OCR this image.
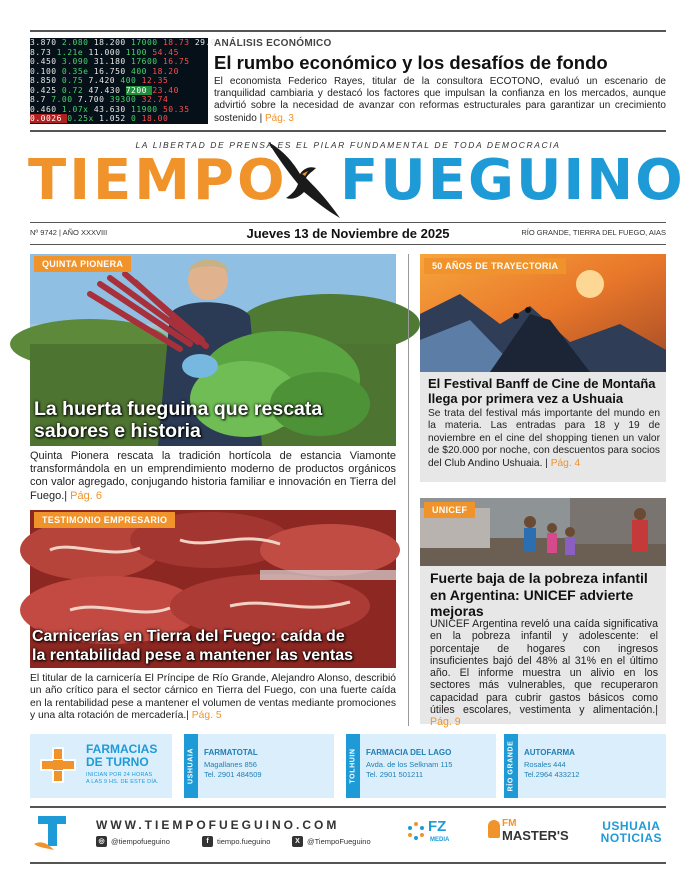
3.870 2.080 18.200 17000 18.73 29.0
8.73 1.21e 11.000 1100 54.45
0.450 3.090 31.180 17600 16.75
0.100 0.35e 16.750 400 18.20
8.850 0.75 7.420 400 12.35
0.425 0.72 47.430 7200 23.40
8.7 7.00 7.700 39300 32.74
0.460 1.07x 43.630 11900 50.35
0.0026 0.25x 1.052 0 18.00
ANÁLISIS ECONÓMICO
El rumbo económico y los desafíos de fondo
El economista Federico Rayes, titular de la consultora ECOTONO, evaluó un escenario de tranquilidad cambiaria y destacó los factores que impulsan la confianza en los mercados, aunque advirtió sobre la necesidad de avanzar con reformas estructurales para garantizar un crecimiento sostenido | Pág. 3
LA LIBERTAD DE PRENSA ES EL PILAR FUNDAMENTAL DE TODA DEMOCRACIA
TIEMPO FUEGUINO
Nº 9742 | AÑO XXXVIII	Jueves 13 de Noviembre de 2025	RÍO GRANDE, TIERRA DEL FUEGO, AIAS
QUINTA PIONERA
La huerta fueguina que rescata
sabores e historia
Quinta Pionera rescata la tradición hortícola de estancia Viamonte transformándola en un emprendimiento moderno de productos orgánicos con valor agregado, conjugando historia familiar e innovación en Tierra del Fuego.| Pág. 6
TESTIMONIO EMPRESARIO
Carnicerías en Tierra del Fuego: caída de
la rentabilidad pese a mantener las ventas
El titular de la carnicería El Príncipe de Río Grande, Alejandro Alonso, describió un año crítico para el sector cárnico en Tierra del Fuego, con una fuerte caída en la rentabilidad pese a mantener el volumen de ventas mediante promociones y una alta rotación de mercadería.| Pág. 5
50 AÑOS DE TRAYECTORIA
El Festival Banff de Cine de Montaña llega por primera vez a Ushuaia
Se trata del festival más importante del mundo en la materia. Las entradas para 18 y 19 de noviembre en el cine del shopping tienen un valor de $20.000 por noche, con descuentos para socios del Club Andino Ushuaia. | Pág. 4
UNICEF
Fuerte baja de la pobreza infantil en Argentina: UNICEF advierte mejoras
UNICEF Argentina reveló una caída significativa en la pobreza infantil y adolescente: el porcentaje de hogares con ingresos insuficientes bajó del 48% al 31% en el último año. El informe muestra un alivio en los sectores más vulnerables, que recuperaron capacidad para cubrir gastos básicos como útiles escolares, vestimenta y alimentación.| Pág. 9
FARMACIAS
DE TURNO
INICIAN POR 24 HORAS
A LAS 9 HS. DE ESTE DÍA.	USHUAIA FARMATOTAL
Magallanes 856
Tel. 2901 484509	TOLHUIN FARMACIA DEL LAGO
Avda. de los Selknam 115
Tel. 2901 501211	RÍO GRANDE AUTOFARMA
Rosales 444
Tel.2964 433212
WWW.TIEMPOFUEGUINO.COM
◎ @tiempofueguino	f	tiempo.fueguino	X @TiempoFueguino
FZ
MEDIA
FM
MASTER'S
USHUAIA
NOTICIAS
